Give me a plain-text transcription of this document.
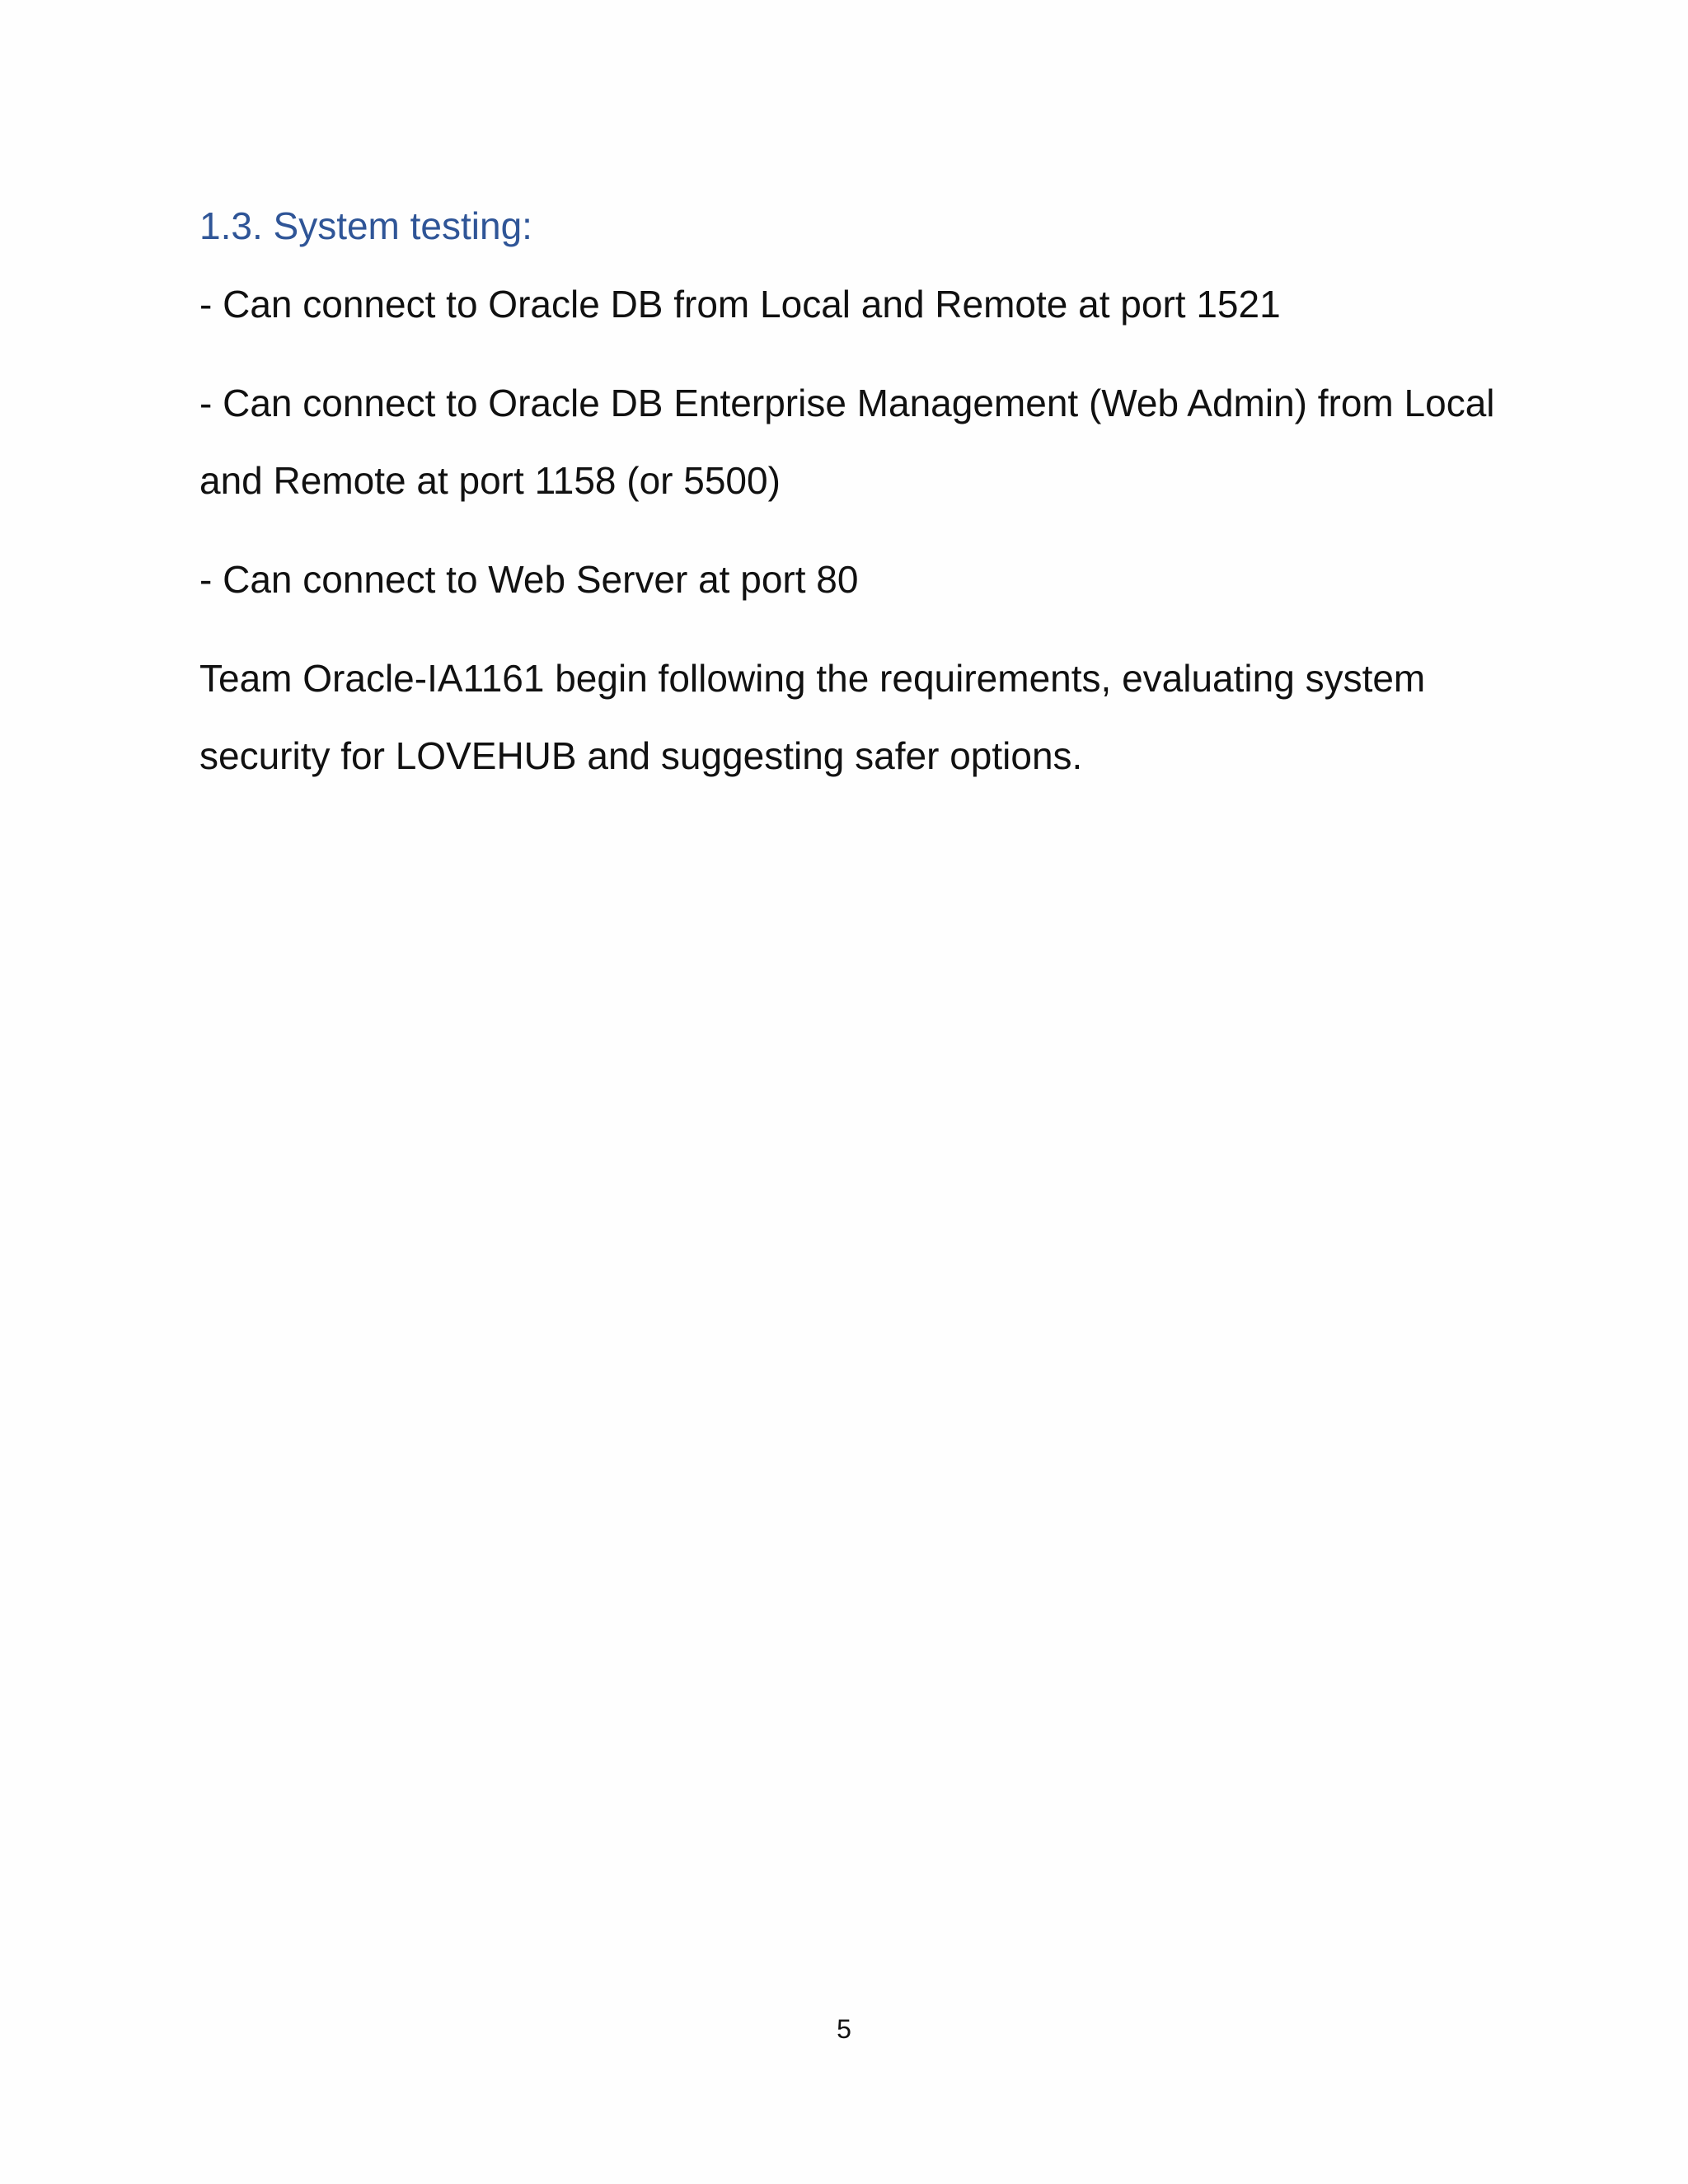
1.3. System testing:

- Can connect to Oracle DB from Local and Remote at port 1521

- Can connect to Oracle DB Enterprise Management (Web Admin) from Local and Remote at port 1158 (or 5500)

- Can connect to Web Server at port 80

Team Oracle-IA1161 begin following the requirements, evaluating system security for LOVEHUB and suggesting safer options.

5
